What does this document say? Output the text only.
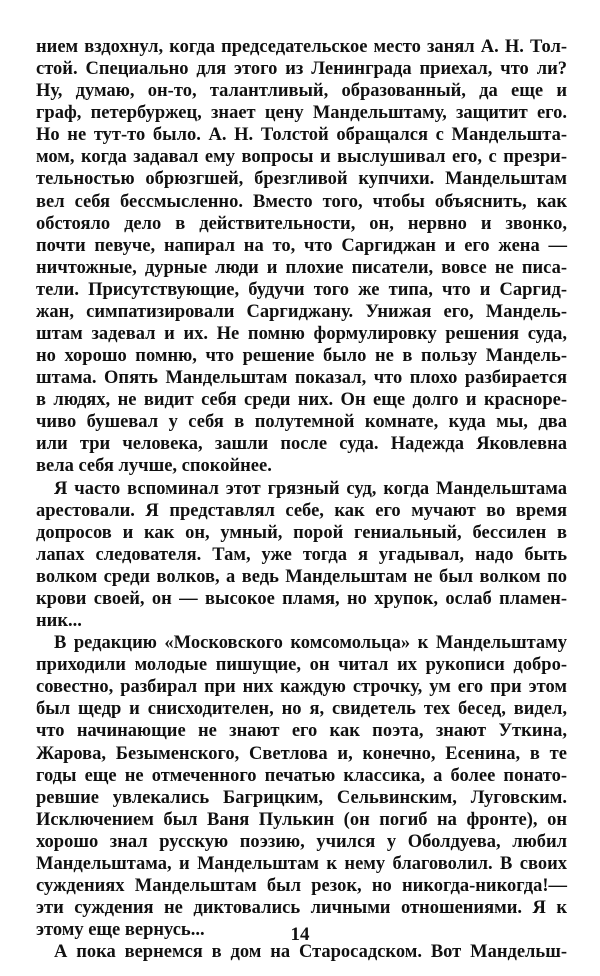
нием вздохнул, когда председательское место занял А. Н. Тол-
стой. Специально для этого из Ленинграда приехал, что ли?
Ну, думаю, он-то, талантливый, образованный, да еще и
граф, петербуржец, знает цену Мандельштаму, защитит его.
Но не тут-то было. А. Н. Толстой обращался с Мандельшта-
мом, когда задавал ему вопросы и выслушивал его, с презри-
тельностью обрюзгшей, брезгливой купчихи. Мандельштам
вел себя бессмысленно. Вместо того, чтобы объяснить, как
обстояло дело в действительности, он, нервно и звонко,
почти певуче, напирал на то, что Саргиджан и его жена —
ничтожные, дурные люди и плохие писатели, вовсе не писа-
тели. Присутствующие, будучи того же типа, что и Саргид-
жан, симпатизировали Саргиджану. Унижая его, Мандель-
штам задевал и их. Не помню формулировку решения суда,
но хорошо помню, что решение было не в пользу Мандель-
штама. Опять Мандельштам показал, что плохо разбирается
в людях, не видит себя среди них. Он еще долго и красноре-
чиво бушевал у себя в полутемной комнате, куда мы, два
или три человека, зашли после суда. Надежда Яковлевна
вела себя лучше, спокойнее.
Я часто вспоминал этот грязный суд, когда Мандельштама
арестовали. Я представлял себе, как его мучают во время
допросов и как он, умный, порой гениальный, бессилен в
лапах следователя. Там, уже тогда я угадывал, надо быть
волком среди волков, а ведь Мандельштам не был волком по
крови своей, он — высокое пламя, но хрупок, ослаб пламен-
ник...
В редакцию «Московского комсомольца» к Мандельштаму
приходили молодые пишущие, он читал их рукописи добро-
совестно, разбирал при них каждую строчку, ум его при этом
был щедр и снисходителен, но я, свидетель тех бесед, видел,
что начинающие не знают его как поэта, знают Уткина,
Жарова, Безыменского, Светлова и, конечно, Есенина, в те
годы еще не отмеченного печатью классика, а более понато-
ревшие увлекались Багрицким, Сельвинским, Луговским.
Исключением был Ваня Пулькин (он погиб на фронте), он
хорошо знал русскую поэзию, учился у Оболдуева, любил
Мандельштама, и Мандельштам к нему благоволил. В своих
суждениях Мандельштам был резок, но никогда-никогда!—
эти суждения не диктовались личными отношениями. Я к
этому еще вернусь...
А пока вернемся в дом на Старосадском. Вот Мандельш-
14
